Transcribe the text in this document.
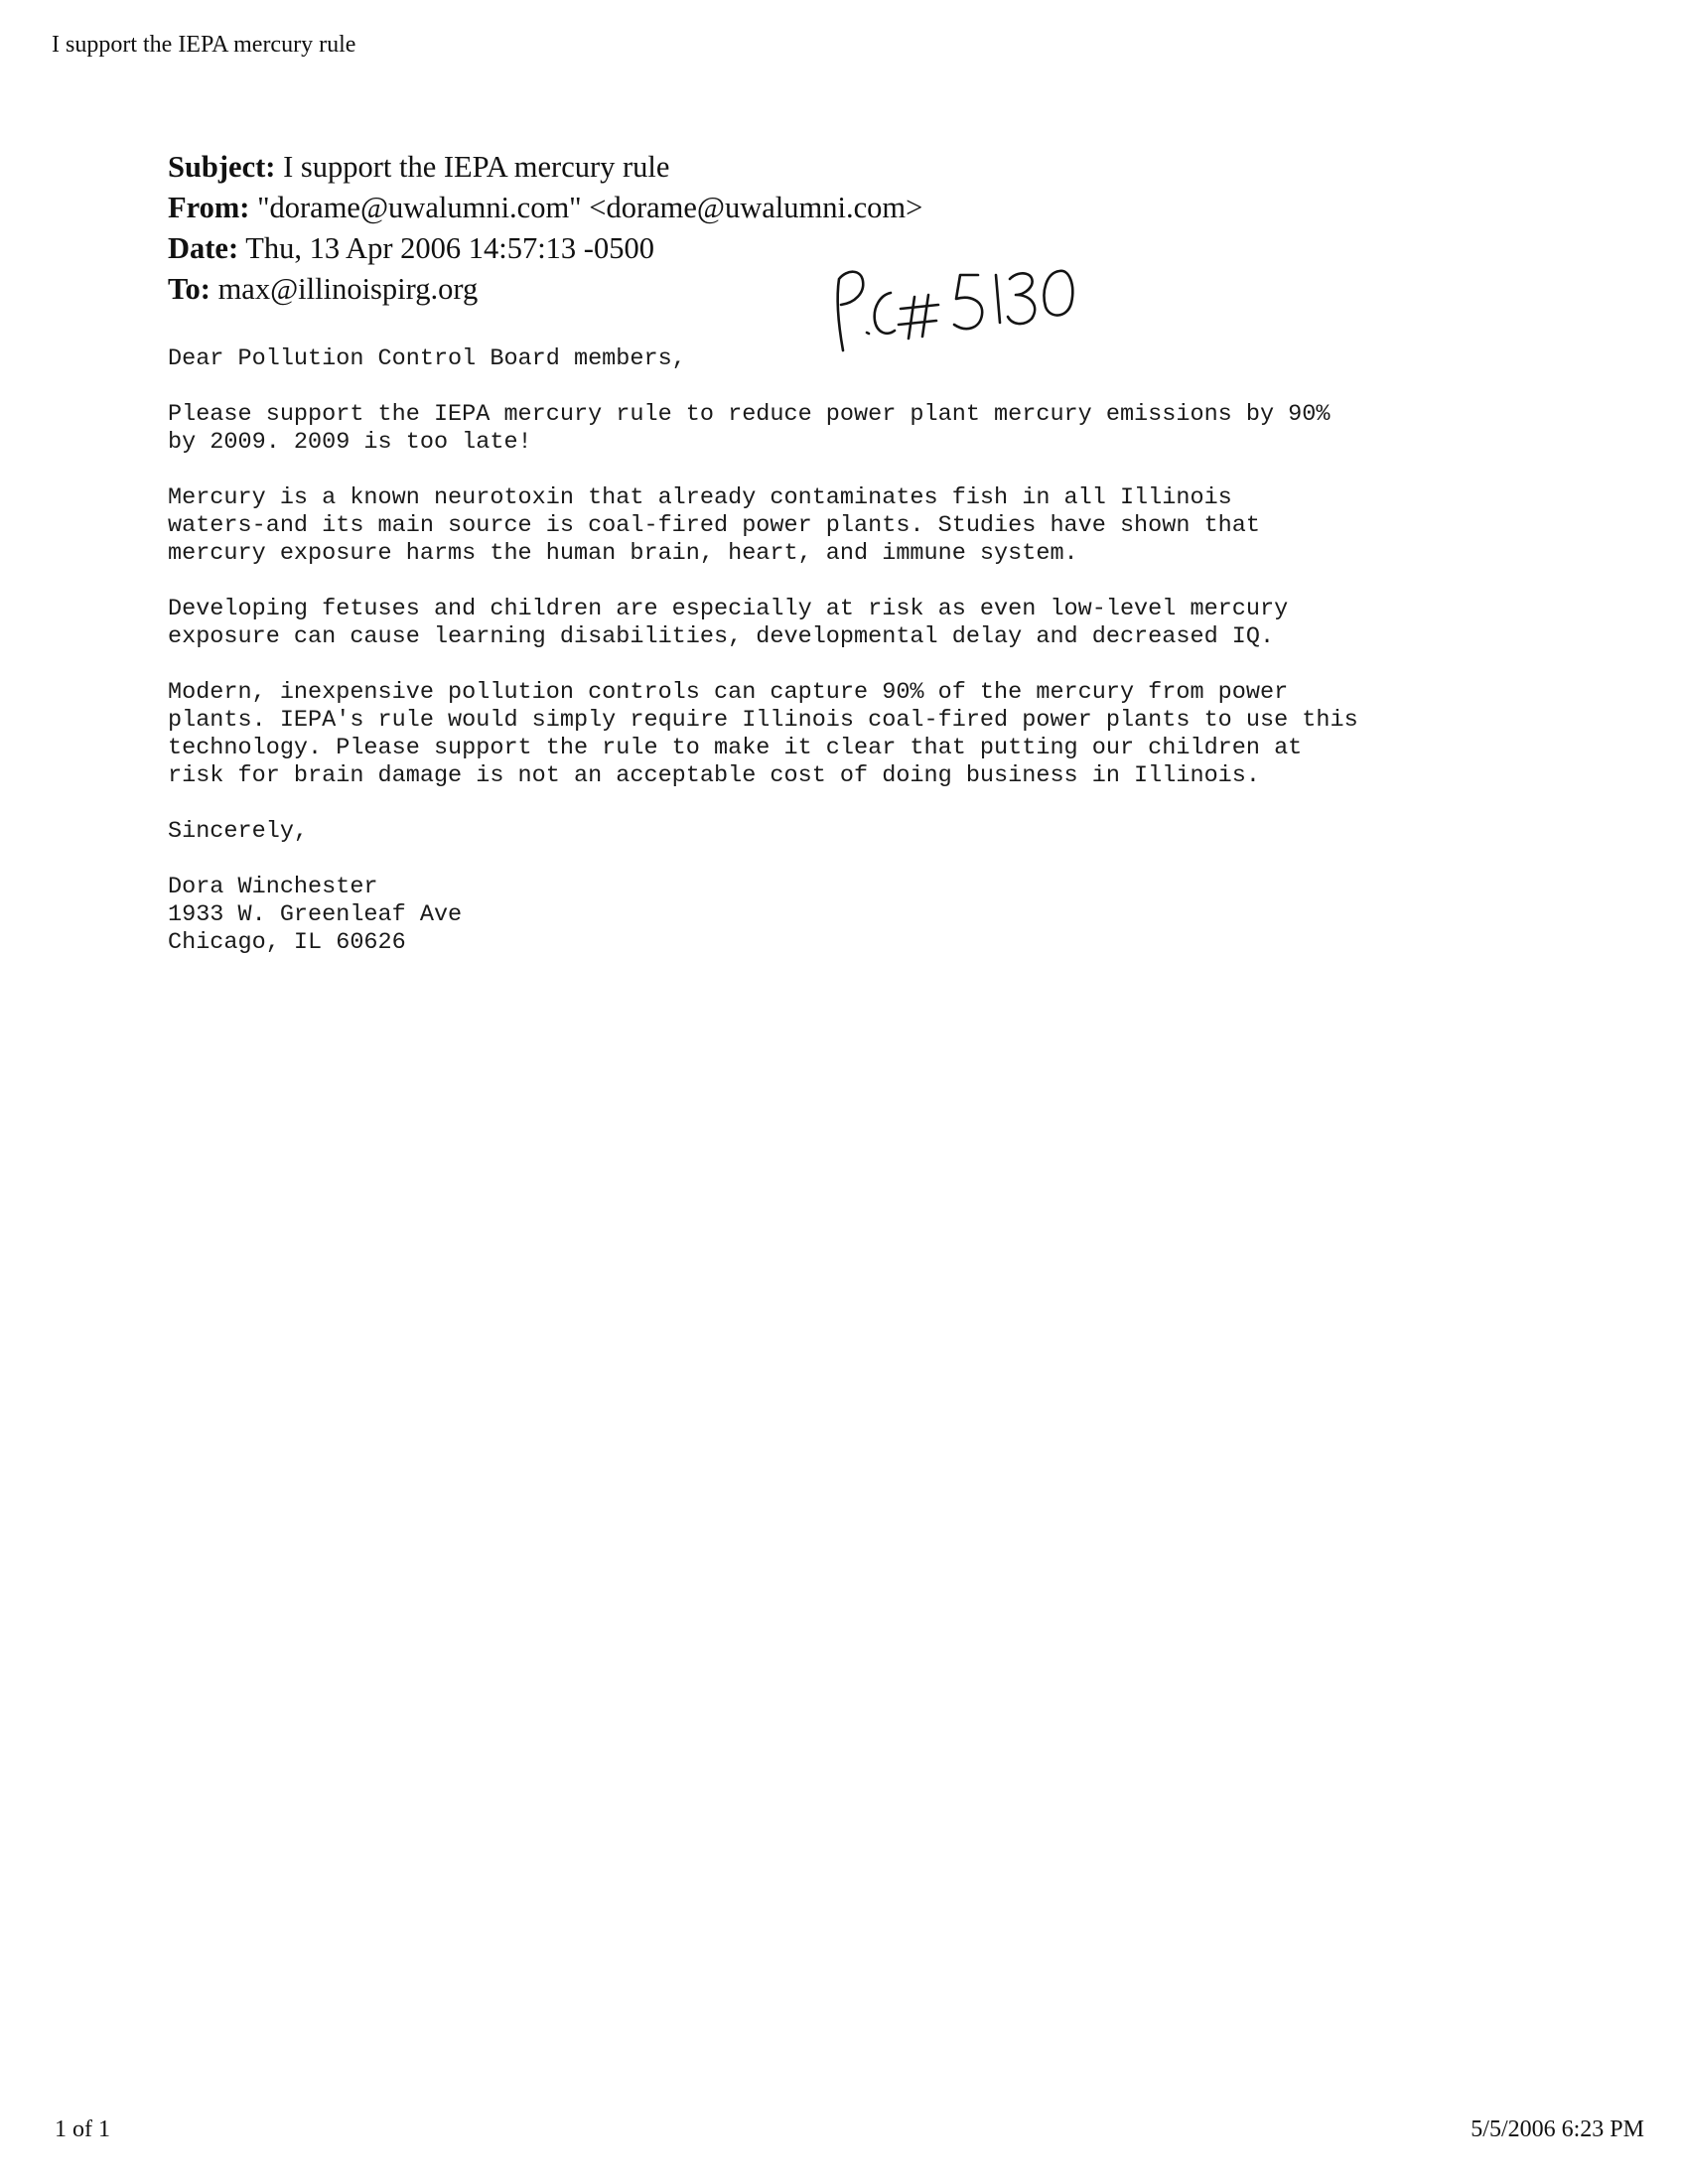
I support the IEPA mercury rule
Subject: I support the IEPA mercury rule
From: "dorame@uwalumni.com" <dorame@uwalumni.com>
Date: Thu, 13 Apr 2006 14:57:13 -0500
To: max@illinoispirg.org

Dear Pollution Control Board members,

Please support the IEPA mercury rule to reduce power plant mercury emissions by 90%
by 2009. 2009 is too late!

Mercury is a known neurotoxin that already contaminates fish in all Illinois
waters-and its main source is coal-fired power plants. Studies have shown that
mercury exposure harms the human brain, heart, and immune system.

Developing fetuses and children are especially at risk as even low-level mercury
exposure can cause learning disabilities, developmental delay and decreased IQ.

Modern, inexpensive pollution controls can capture 90% of the mercury from power
plants. IEPA's rule would simply require Illinois coal-fired power plants to use this
technology. Please support the rule to make it clear that putting our children at
risk for brain damage is not an acceptable cost of doing business in Illinois.

Sincerely,

Dora Winchester
1933 W. Greenleaf Ave
Chicago, IL 60626
1 of 1	5/5/2006 6:23 PM
